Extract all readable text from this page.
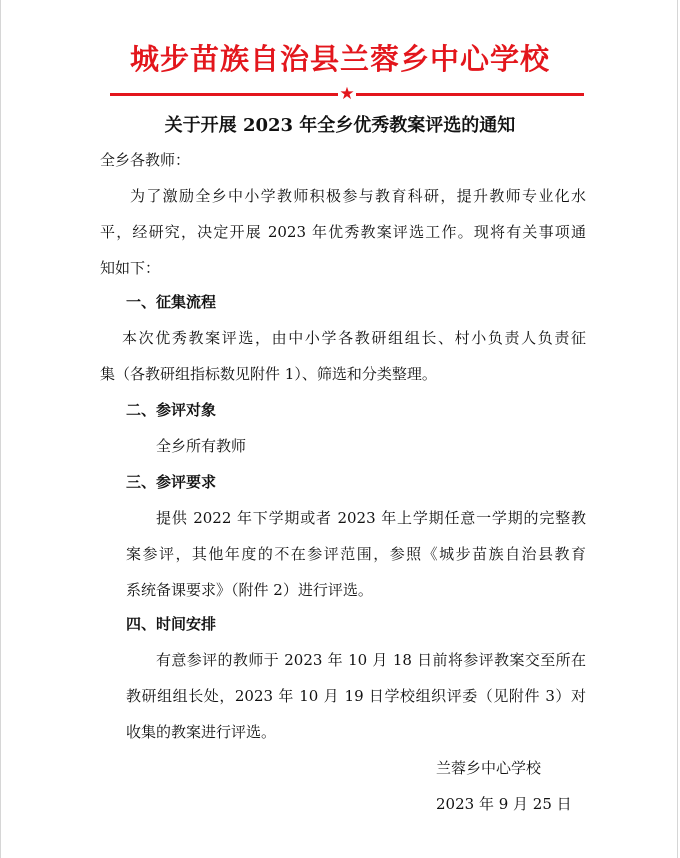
城步苗族自治县兰蓉乡中心学校
★
关于开展 2023 年全乡优秀教案评选的通知
全乡各教师：
为了激励全乡中小学教师积极参与教育科研，提升教师专业化水
平，经研究，决定开展 2023 年优秀教案评选工作。现将有关事项通
知如下：
一、征集流程
本次优秀教案评选，由中小学各教研组组长、村小负责人负责征
集（各教研组指标数见附件 1）、筛选和分类整理。
二、参评对象
全乡所有教师
三、参评要求
提供 2022 年下学期或者 2023 年上学期任意一学期的完整教
案参评，其他年度的不在参评范围，参照《城步苗族自治县教育
系统备课要求》（附件 2）进行评选。
四、时间安排
有意参评的教师于 2023 年 10 月 18 日前将参评教案交至所在
教研组组长处，2023 年 10 月 19 日学校组织评委（见附件 3）对
收集的教案进行评选。
兰蓉乡中心学校
2023 年 9 月 25 日
